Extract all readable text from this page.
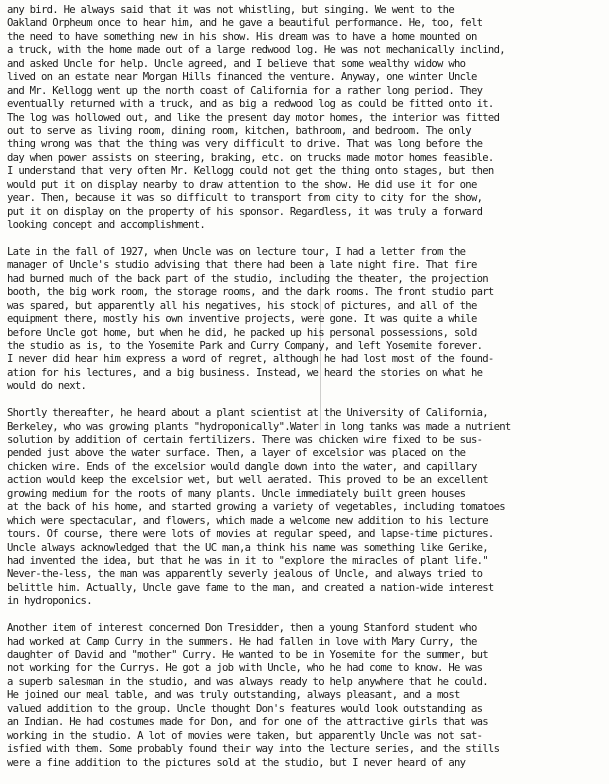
any bird. He always said that it was not whistling, but singing. We went to the
Oakland Orpheum once to hear him, and he gave a beautiful performance. He, too, felt
the need to have something new in his show. His dream was to have a home mounted on
a truck, with the home made out of a large redwood log. He was not mechanically inclind,
and asked Uncle for help. Uncle agreed, and I believe that some wealthy widow who
lived on an estate near Morgan Hills financed the venture. Anyway, one winter Uncle
and Mr. Kellogg went up the north coast of California for a rather long period. They
eventually returned with a truck, and as big a redwood log as could be fitted onto it.
The log was hollowed out, and like the present day motor homes, the interior was fitted
out to serve as living room, dining room, kitchen, bathroom, and bedroom. The only
thing wrong was that the thing was very difficult to drive. That was long before the
day when power assists on steering, braking, etc. on trucks made motor homes feasible.
I understand that very often Mr. Kellogg could not get the thing onto stages, but then
would put it on display nearby to draw attention to the show. He did use it for one
year. Then, because it was so difficult to transport from city to city for the show,
put it on display on the property of his sponsor. Regardless, it was truly a forward
looking concept and accomplishment.
Late in the fall of 1927, when Uncle was on lecture tour, I had a letter from the
manager of Uncle's studio advising that there had been a late night fire. That fire
had burned much of the back part of the studio, including the theater, the projection
booth, the big work room, the storage rooms, and the dark rooms. The front studio part
was spared, but apparently all his negatives, his stock of pictures, and all of the
equipment there, mostly his own inventive projects, were gone. It was quite a while
before Uncle got home, but when he did, he packed up his personal possessions, sold
the studio as is, to the Yosemite Park and Curry Company, and left Yosemite forever.
I never did hear him express a word of regret, although he had lost most of the found-
ation for his lectures, and a big business. Instead, we heard the stories on what he
would do next.
Shortly thereafter, he heard about a plant scientist at the University of California,
Berkeley, who was growing plants "hydroponically".Water in long tanks was made a nutrient
solution by addition of certain fertilizers. There was chicken wire fixed to be sus-
pended just above the water surface. Then, a layer of excelsior was placed on the
chicken wire. Ends of the excelsior would dangle down into the water, and capillary
action would keep the excelsior wet, but well aerated. This proved to be an excellent
growing medium for the roots of many plants. Uncle immediately built green houses
at the back of his home, and started growing a variety of vegetables, including tomatoes
which were spectacular, and flowers, which made a welcome new addition to his lecture
tours. Of course, there were lots of movies at regular speed, and lapse-time pictures.
Uncle always acknowledged that the UC man,a think his name was something like Gerike,
had invented the idea, but that he was in it to "explore the miracles of plant life."
Never-the-less, the man was apparently severly jealous of Uncle, and always tried to
belittle him. Actually, Uncle gave fame to the man, and created a nation-wide interest
in hydroponics.
Another item of interest concerned Don Tresidder, then a young Stanford student who
had worked at Camp Curry in the summers. He had fallen in love with Mary Curry, the
daughter of David and "mother" Curry. He wanted to be in Yosemite for the summer, but
not working for the Currys. He got a job with Uncle, who he had come to know. He was
a superb salesman in the studio, and was always ready to help anywhere that he could.
He joined our meal table, and was truly outstanding, always pleasant, and a most
valued addition to the group. Uncle thought Don's features would look outstanding as
an Indian. He had costumes made for Don, and for one of the attractive girls that was
working in the studio. A lot of movies were taken, but apparently Uncle was not sat-
isfied with them. Some probably found their way into the lecture series, and the stills
were a fine addition to the pictures sold at the studio, but I never heard of any
